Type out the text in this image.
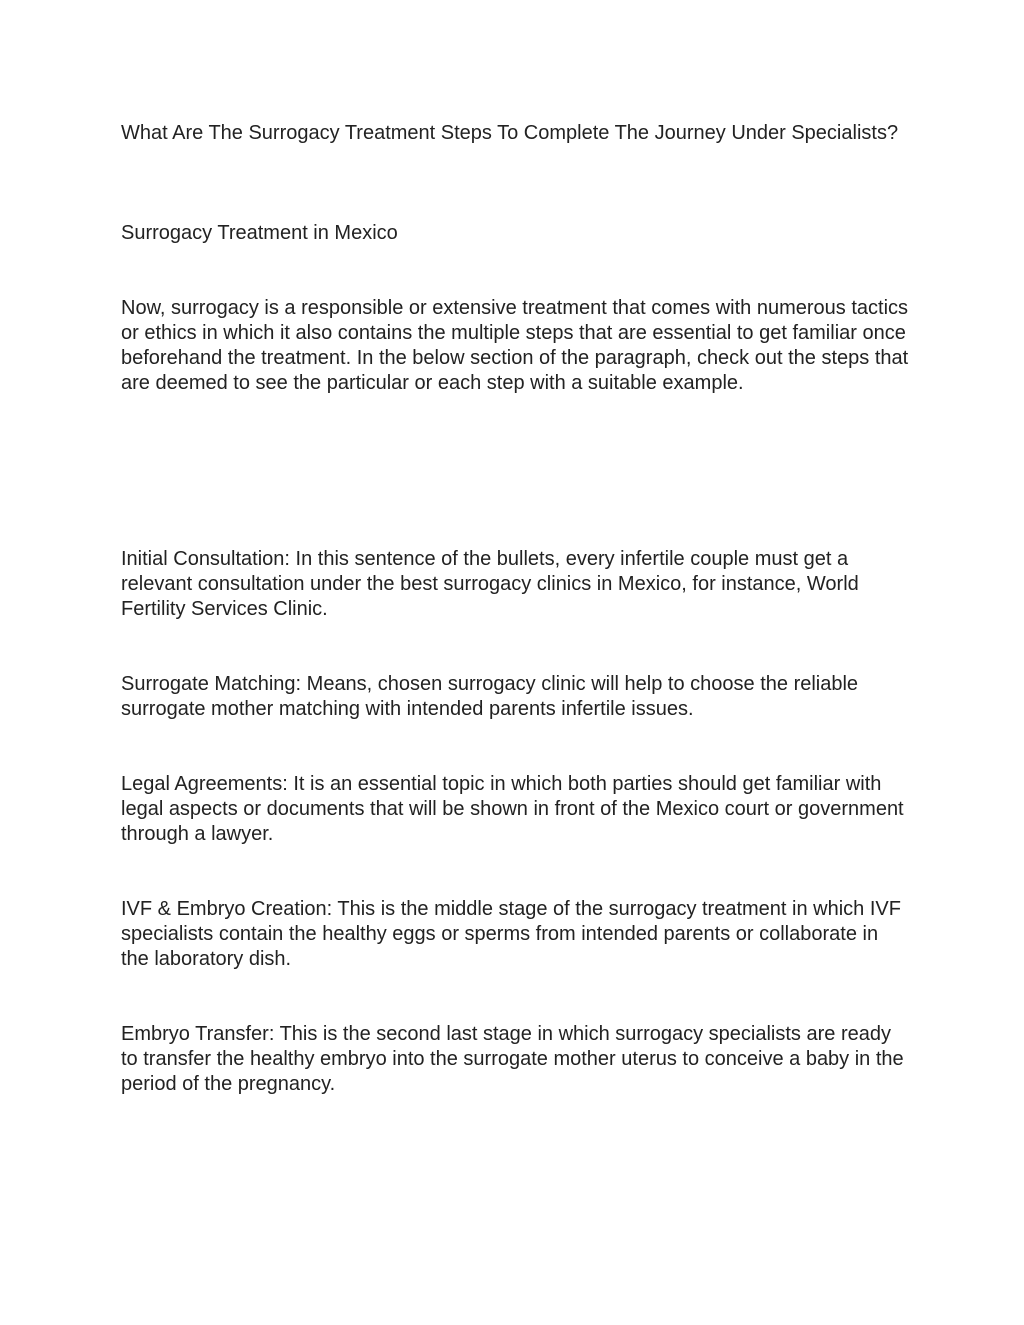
What Are The Surrogacy Treatment Steps To Complete The Journey Under Specialists?

Surrogacy Treatment in Mexico

Now, surrogacy is a responsible or extensive treatment that comes with numerous tactics or ethics in which it also contains the multiple steps that are essential to get familiar once beforehand the treatment. In the below section of the paragraph, check out the steps that are deemed to see the particular or each step with a suitable example.

Initial Consultation: In this sentence of the bullets, every infertile couple must get a relevant consultation under the best surrogacy clinics in Mexico, for instance, World Fertility Services Clinic.

Surrogate Matching: Means, chosen surrogacy clinic will help to choose the reliable surrogate mother matching with intended parents infertile issues.

Legal Agreements: It is an essential topic in which both parties should get familiar with legal aspects or documents that will be shown in front of the Mexico court or government through a lawyer.

IVF & Embryo Creation: This is the middle stage of the surrogacy treatment in which IVF specialists contain the healthy eggs or sperms from intended parents or collaborate in the laboratory dish.

Embryo Transfer: This is the second last stage in which surrogacy specialists are ready to transfer the healthy embryo into the surrogate mother uterus to conceive a baby in the period of the pregnancy.
